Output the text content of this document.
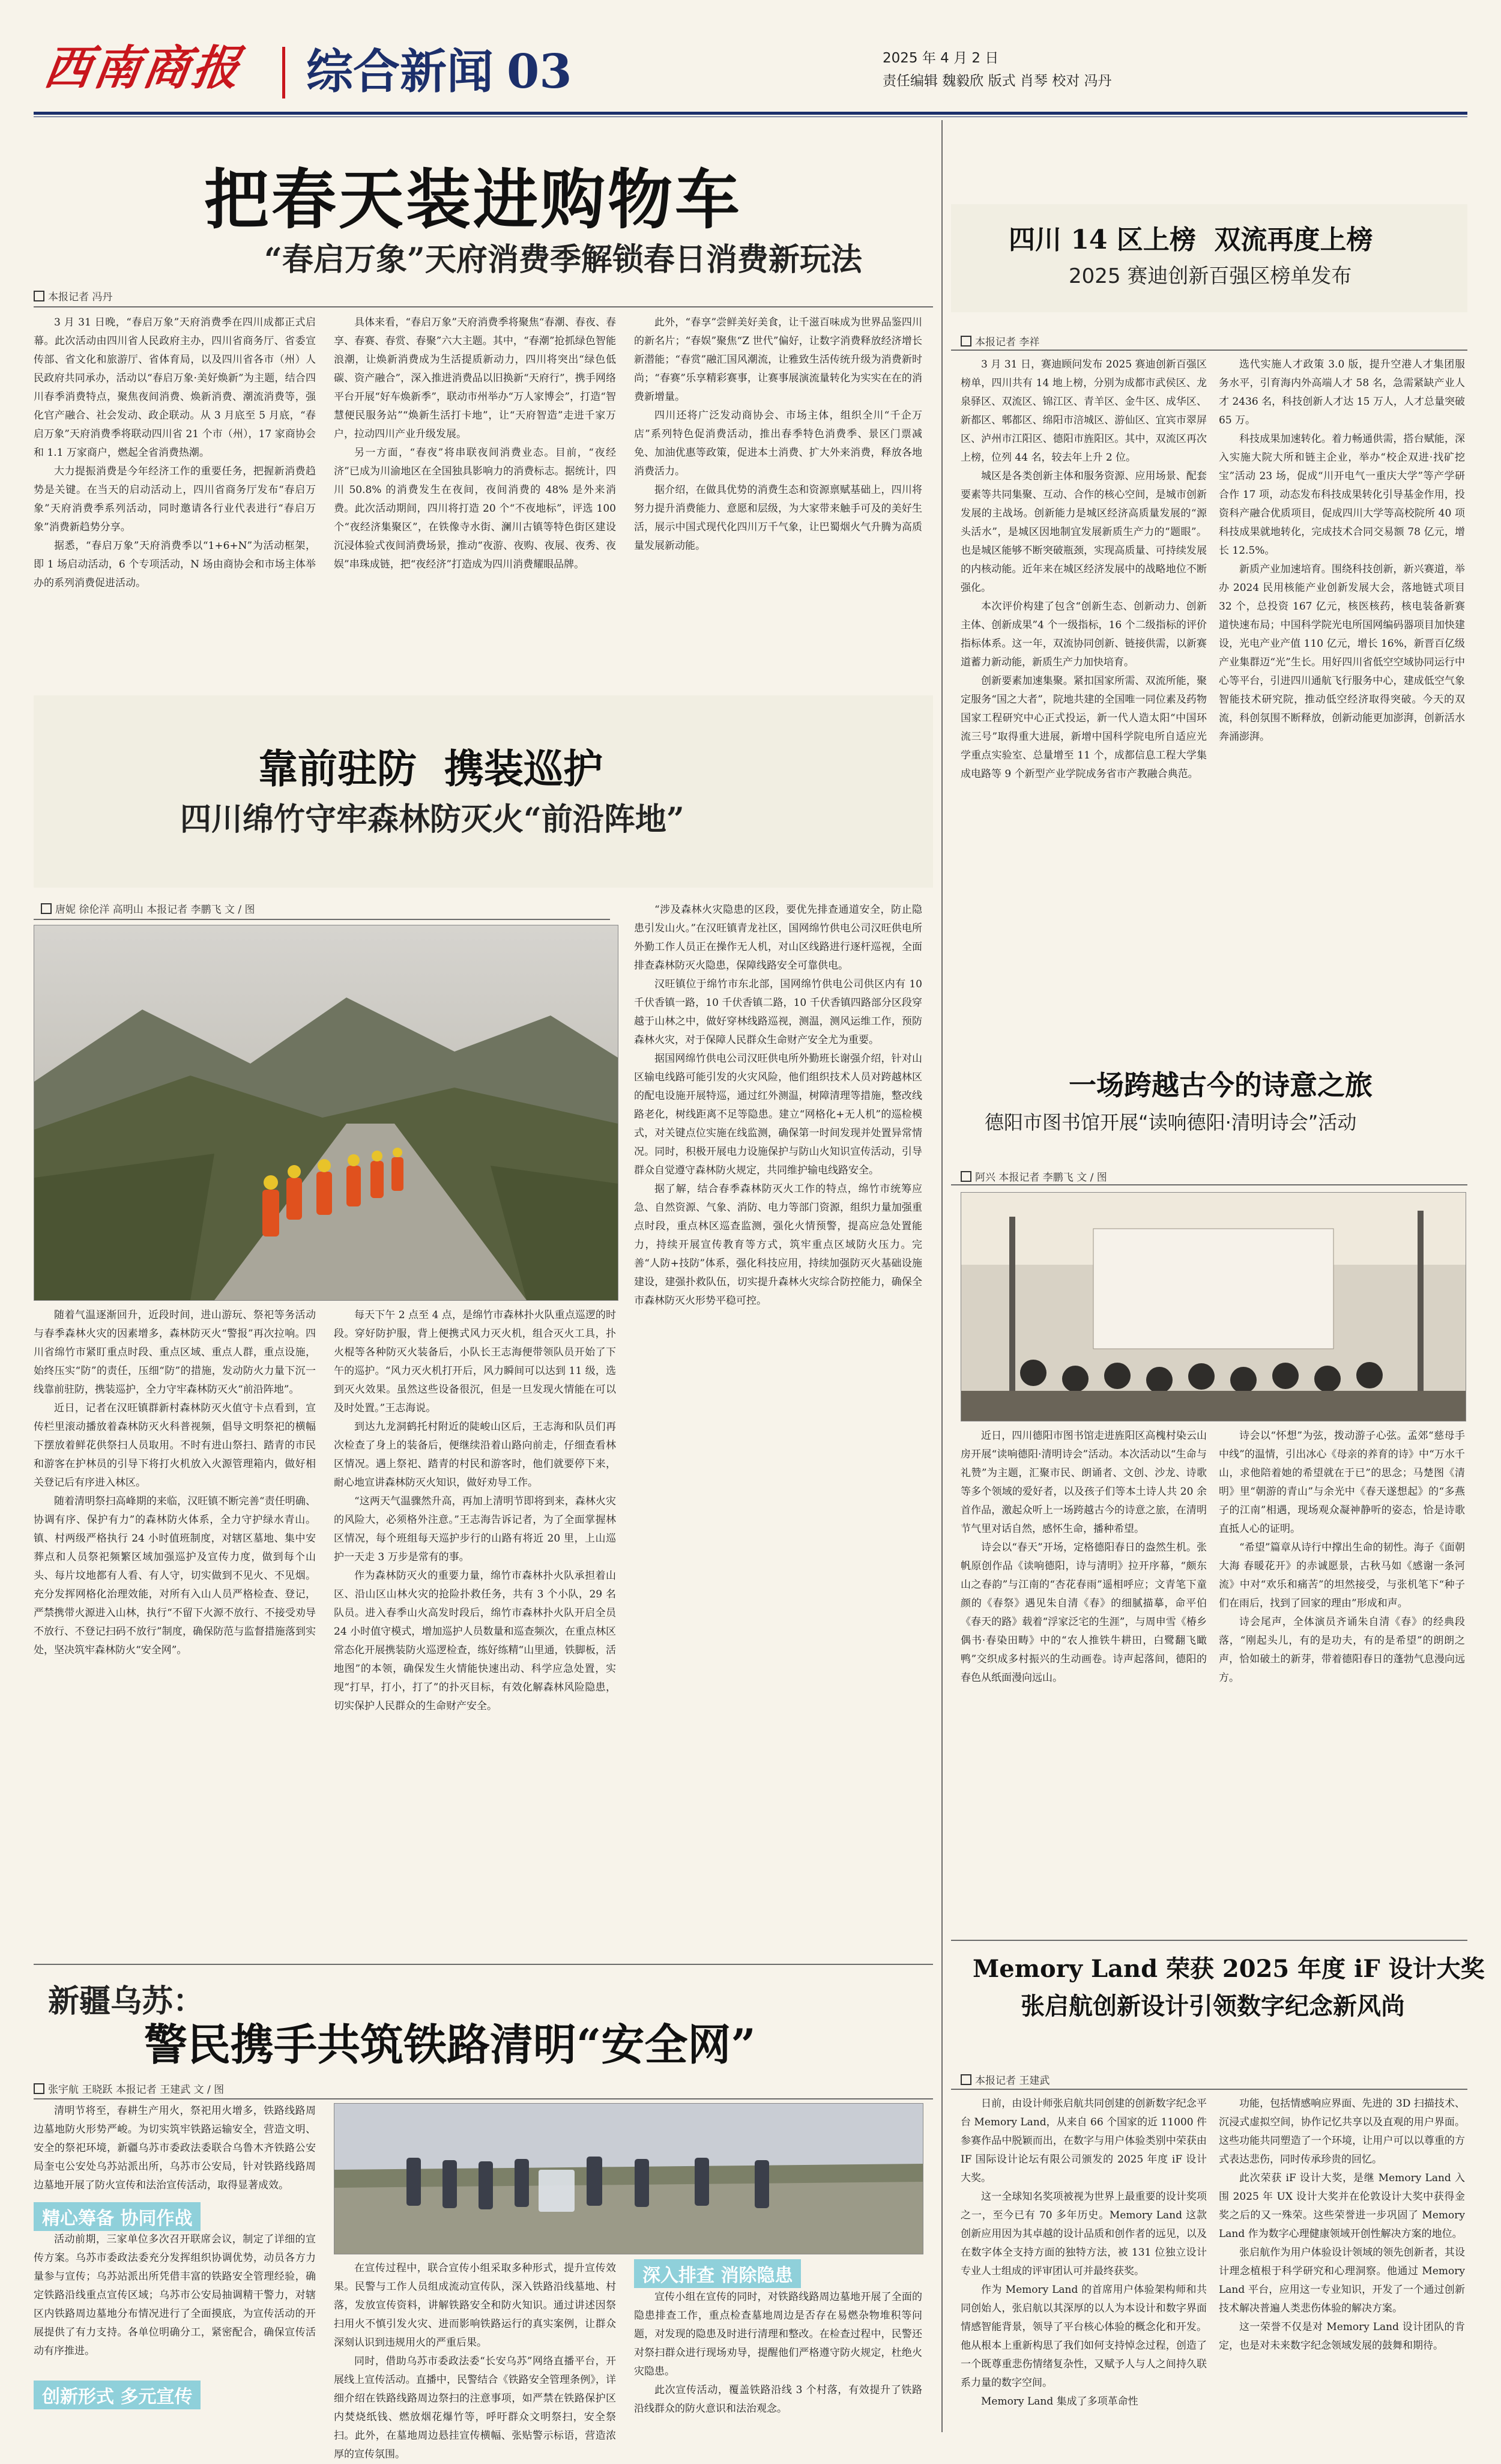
西南商报	综合新闻 03	2025 年 4 月 2 日
责任编辑 魏毅欣 版式 肖琴 校对 冯丹
把春天装进购物车
“春启万象”天府消费季解锁春日消费新玩法
本报记者 冯丹

3 月 31 日晚，“春启万象”天府消费季在四川成都正式启幕。此次活动由四川省人民政府主办，四川省商务厅、省委宣传部、省文化和旅游厅、省体育局，以及四川省各市（州）人民政府共同承办，活动以“春启万象·美好焕新”为主题，结合四川春季消费特点，聚焦夜间消费、焕新消费、潮流消费等，强化官产融合、社会发动、政企联动。从 3 月底至 5 月底，“春启万象”天府消费季将联动四川省 21 个市（州），17 家商协会和 1.1 万家商户，燃起全省消费热潮。

大力提振消费是今年经济工作的重要任务，把握新消费趋势是关键。在当天的启动活动上，四川省商务厅发布“春启万象”天府消费季系列活动，同时邀请各行业代表进行“春启万象”消费新趋势分享。

据悉，“春启万象”天府消费季以“1+6+N”为活动框架，即 1 场启动活动，6 个专项活动，N 场由商协会和市场主体举办的系列消费促进活动。

具体来看，“春启万象”天府消费季将聚焦“春潮、春夜、春享、春赛、春赏、春聚”六大主题。其中，“春潮”抢抓绿色智能浪潮，让焕新消费成为生活提质新动力，四川将突出“绿色低碳、资产融合”，深入推进消费品以旧换新“天府行”，携手网络平台开展“好车焕新季”，联动市州举办“万人家博会”，打造“智慧便民服务站”“焕新生活打卡地”，让“天府智造”走进千家万户，拉动四川产业升级发展。

另一方面，“春夜”将串联夜间消费业态。目前，“夜经济”已成为川渝地区在全国独具影响力的消费标志。据统计，四川 50.8% 的消费发生在夜间，夜间消费的 48% 是外来消费。此次活动期间，四川将打造 20 个“不夜地标”，评选 100 个“夜经济集聚区”，在铁像寺水街、澜川古镇等特色街区建设沉浸体验式夜间消费场景，推动“夜游、夜购、夜展、夜秀、夜娱”串珠成链，把“夜经济”打造成为四川消费耀眼品牌。

此外，“春享”尝鲜美好美食，让千滋百味成为世界品鉴四川的新名片；“春娱”聚焦“Z 世代”偏好，让数字消费释放经济增长新潜能；“春赏”融汇国风潮流，让雅致生活传统升级为消费新时尚；“春赛”乐享精彩赛事，让赛事展演流量转化为实实在在的消费新增量。

四川还将广泛发动商协会、市场主体，组织全川“千企万店”系列特色促消费活动，推出春季特色消费季、景区门票减免、加油优惠等政策，促进本土消费、扩大外来消费，释放各地消费活力。

据介绍，在做具优势的消费生态和资源禀赋基础上，四川将努力提升消费能力、意愿和层级，为大家带来触手可及的美好生活，展示中国式现代化四川万千气象，让巴蜀烟火气升腾为高质量发展新动能。

靠前驻防  携装巡护
四川绵竹守牢森林防灭火“前沿阵地”
唐妮 徐伦洋 高明山 本报记者 李鹏飞 文 / 图

随着气温逐渐回升，近段时间，进山游玩、祭祀等务活动与春季森林火灾的因素增多，森林防灭火“警报”再次拉响。四川省绵竹市紧盯重点时段、重点区域、重点人群，重点设施，始终压实“防”的责任，压细“防”的措施，发动防火力量下沉一线靠前驻防，携装巡护，全力守牢森林防灭火“前沿阵地”。

近日，记者在汉旺镇群新村森林防灭火值守卡点看到，宣传栏里滚动播放着森林防灭火科普视频，倡导文明祭祀的横幅下摆放着鲜花供祭扫人员取用。不时有进山祭扫、踏青的市民和游客在护林员的引导下将打火机放入火源管理箱内，做好相关登记后有序进入林区。

随着清明祭扫高峰期的来临，汉旺镇不断完善“责任明确、协调有序、保护有力”的森林防火体系，全力守护绿水青山。镇、村两级严格执行 24 小时值班制度，对辖区墓地、集中安葬点和人员祭祀频繁区域加强巡护及宣传力度，做到每个山头、每片坟地都有人看、有人守，切实做到不见火、不见烟。充分发挥网格化治理效能，对所有入山人员严格检查、登记，严禁携带火源进入山林，执行“不留下火源不放行、不接受劝导不放行、不登记扫码不放行”制度，确保防范与监督措施落到实处，坚决筑牢森林防火“安全网”。

每天下午 2 点至 4 点，是绵竹市森林扑火队重点巡逻的时段。穿好防护服，背上便携式风力灭火机，组合灭火工具，扑火棍等各种防灭火装备后，小队长王志海便带领队员开始了下午的巡护。“风力灭火机打开后，风力瞬间可以达到 11 级，选到灭火效果。虽然这些设备很沉，但是一旦发现火情能在可以及时处置。”王志海说。

到达九龙洞鹤托村附近的陡峻山区后，王志海和队员们再次检查了身上的装备后，便继续沿着山路向前走，仔细查看林区情况。遇上祭祀、踏青的村民和游客时，他们就要停下来，耐心地宣讲森林防灭火知识，做好劝导工作。

“这两天气温骤然升高，再加上清明节即将到来，森林火灾的风险大，必须格外注意。”王志海告诉记者，为了全面掌握林区情况，每个班组每天巡护步行的山路有将近 20 里，上山巡护一天走 3 万步是常有的事。

作为森林防灭火的重要力量，绵竹市森林扑火队承担着山区、沿山区山林火灾的抢险扑救任务，共有 3 个小队，29 名队员。进入春季山火高发时段后，绵竹市森林扑火队开启全员 24 小时值守模式，增加巡护人员数量和巡查频次，在重点林区常态化开展携装防火巡逻检查，练好练精“山里通，铁脚板，活地图”的本领，确保发生火情能快速出动、科学应急处置，实现“打早，打小，打了”的扑灭目标，有效化解森林风险隐患，切实保护人民群众的生命财产安全。

“涉及森林火灾隐患的区段，要优先排查通道安全，防止隐患引发山火。”在汉旺镇青龙社区，国网绵竹供电公司汉旺供电所外勤工作人员正在操作无人机，对山区线路进行逐杆巡视，全面排查森林防灭火隐患，保障线路安全可靠供电。

汉旺镇位于绵竹市东北部，国网绵竹供电公司供区内有 10 千伏香镇一路，10 千伏香镇二路，10 千伏香镇四路部分区段穿越于山林之中，做好穿林线路巡视，测温，测风运维工作，预防森林火灾，对于保障人民群众生命财产安全尤为重要。

据国网绵竹供电公司汉旺供电所外勤班长谢强介绍，针对山区输电线路可能引发的火灾风险，他们组织技术人员对跨越林区的配电设施开展特巡，通过红外测温，树障清理等措施，整改线路老化，树线距离不足等隐患。建立“网格化+无人机”的巡检模式，对关键点位实施在线监测，确保第一时间发现并处置异常情况。同时，积极开展电力设施保护与防山火知识宣传活动，引导群众自觉遵守森林防火规定，共同维护输电线路安全。

据了解，结合春季森林防灭火工作的特点，绵竹市统筹应急、自然资源、气象、消防、电力等部门资源，组织力量加强重点时段，重点林区巡查监测，强化火情预警，提高应急处置能力，持续开展宣传教育等方式，筑牢重点区域防火压力。完善“人防+技防”体系，强化科技应用，持续加强防灭火基础设施建设，建强扑救队伍，切实提升森林火灾综合防控能力，确保全市森林防灭火形势平稳可控。

新疆乌苏：
警民携手共筑铁路清明“安全网”
张宇航 王晓跃 本报记者 王建武 文 / 图

清明节将至，春耕生产用火，祭祀用火增多，铁路线路周边墓地防火形势严峻。为切实筑牢铁路运输安全，营造文明、安全的祭祀环境，新疆乌苏市委政法委联合乌鲁木齐铁路公安局奎屯公安处乌苏站派出所，乌苏市公安局，针对铁路线路周边墓地开展了防火宣传和法治宣传活动，取得显著成效。

精心筹备 协同作战

活动前期，三家单位多次召开联席会议，制定了详细的宣传方案。乌苏市委政法委充分发挥组织协调优势，动员各方力量参与宣传；乌苏站派出所凭借丰富的铁路安全管理经验，确定铁路沿线重点宣传区域；乌苏市公安局抽调精干警力，对辖区内铁路周边墓地分布情况进行了全面摸底，为宣传活动的开展提供了有力支持。各单位明确分工，紧密配合，确保宣传活动有序推进。

创新形式 多元宣传

在宣传过程中，联合宣传小组采取多种形式，提升宣传效果。民警与工作人员组成流动宣传队，深入铁路沿线墓地、村落，发放宣传资料，讲解铁路安全和防火知识。通过讲述因祭扫用火不慎引发火灾、进而影响铁路运行的真实案例，让群众深刻认识到违规用火的严重后果。

同时，借助乌苏市委政法委“长安乌苏”网络直播平台，开展线上宣传活动。直播中，民警结合《铁路安全管理条例》，详细介绍在铁路线路周边祭扫的注意事项，如严禁在铁路保护区内焚烧纸钱、燃放烟花爆竹等，呼吁群众文明祭扫，安全祭扫。此外，在墓地周边悬挂宣传横幅、张贴警示标语，营造浓厚的宣传氛围。

深入排查 消除隐患

宣传小组在宣传的同时，对铁路线路周边墓地开展了全面的隐患排查工作，重点检查墓地周边是否存在易燃杂物堆积等问题，对发现的隐患及时进行清理和整改。在检查过程中，民警还对祭扫群众进行现场劝导，提醒他们严格遵守防火规定，杜绝火灾隐患。

此次宣传活动，覆盖铁路沿线 3 个村落，有效提升了铁路沿线群众的防火意识和法治观念。

四川 14 区上榜  双流再度上榜
2025 赛迪创新百强区榜单发布
本报记者 李祥

3 月 31 日，赛迪顾问发布 2025 赛迪创新百强区榜单，四川共有 14 地上榜，分别为成都市武侯区、龙泉驿区、双流区、锦江区、青羊区、金牛区、成华区、新都区、郫都区、绵阳市涪城区、游仙区、宜宾市翠屏区、泸州市江阳区、德阳市旌阳区。其中，双流区再次上榜，位列 44 名，较去年上升 2 位。

城区是各类创新主体和服务资源、应用场景、配套要素等共同集聚、互动、合作的核心空间，是城市创新发展的主战场。创新能力是城区经济高质量发展的“源头活水”，是城区因地制宜发展新质生产力的“题眼”。也是城区能够不断突破瓶颈，实现高质量、可持续发展的内核动能。近年来在城区经济发展中的战略地位不断强化。

本次评价构建了包含“创新生态、创新动力、创新主体、创新成果”4 个一级指标，16 个二级指标的评价指标体系。这一年，双流协同创新、链接供需，以新赛道蓄力新动能，新质生产力加快培育。

创新要素加速集聚。紧扣国家所需、双流所能，聚定服务“国之大者”，院地共建的全国唯一同位素及药物国家工程研究中心正式投运，新一代人造太阳“中国环流三号”取得重大进展，新增中国科学院电所自适应光学重点实验室、总量增至 11 个，成都信息工程大学集成电路等 9 个新型产业学院成务省市产教融合典范。

选代实施人才政策 3.0 版，提升空港人才集团服务水平，引育海内外高端人才 58 名，急需紧缺产业人才 2436 名，科技创新人才达 15 万人，人才总量突破 65 万。

科技成果加速转化。着力畅通供需，搭台赋能，深入实施大院大所和链主企业，举办“校企双进·找矿挖宝”活动 23 场，促成“川开电气一重庆大学”等产学研合作 17 项，动态发布科技成果转化引导基金作用，投资科产融合优质项目，促成四川大学等高校院所 40 项科技成果就地转化，完成技术合同交易额 78 亿元，增长 12.5%。

新质产业加速培育。围绕科技创新，新兴赛道，举办 2024 民用核能产业创新发展大会，落地链式项目 32 个，总投资 167 亿元，核医核药，核电装备新赛道快速布局；中国科学院光电所国网编码器项目加快建设，光电产业产值 110 亿元，增长 16%，新晋百亿级产业集群迈“光”生长。用好四川省低空空域协同运行中心等平台，引进四川通航飞行服务中心，建成低空气象智能技术研究院，推动低空经济取得突破。今天的双流，科创氛围不断释放，创新动能更加澎湃，创新活水奔涌澎湃。

一场跨越古今的诗意之旅
德阳市图书馆开展“读响德阳·清明诗会”活动
阿兴 本报记者 李鹏飞 文 / 图

近日，四川德阳市图书馆走进旌阳区高槐村染云山房开展“读响德阳·清明诗会”活动。本次活动以“生命与礼赞”为主题，汇聚市民、朗诵者、文创、沙龙、诗歌等多个领域的爱好者，以及孩子们等本土诗人共 20 余首作品，激起众听上一场跨越古今的诗意之旅，在清明节气里对话自然，感怀生命，播种希望。

诗会以“春天”开场，定格德阳春日的盎然生机。张帆原创作品《读响德阳，诗与清明》拉开序幕，“颇东山之春韵”与江南的“杏花春雨”遥相呼应；文青笔下童颜的《春祭》遇见朱自清《春》的细腻描摹，命平伯《春天的路》载着“浮家泛宅的生涯”，与周申雪《椿乡偶书·春染田畴》中的“农人推铁牛耕田，白鹭翻飞瞰鸭”交织成多村振兴的生动画卷。诗声起落间，德阳的春色从纸面漫向远山。

诗会以“怀想”为弦，拨动游子心弦。孟郊“慈母手中线”的温情，引出冰心《母亲的养育的诗》中“万水千山，求他陪着她的希望就在于已”的思念；马楚图《清明》里“朝游的青山”与余光中《春天遂想起》的“多燕子的江南”相遇，现场观众凝神静听的姿态，恰是诗歌直抵人心的证明。

“希望”篇章从诗行中撑出生命的韧性。海子《面朝大海 春暖花开》的赤诚愿景，古秋马如《感谢一条河流》中对“欢乐和痛苦”的坦然接受，与张机笔下“种子们在雨后，找到了回家的理由”形成和声。

诗会尾声，全体演员齐诵朱自清《春》的经典段落，“刚起头儿，有的是功夫，有的是希望”的朗朗之声，恰如破土的新芽，带着德阳春日的蓬勃气息漫向远方。

Memory Land 荣获 2025 年度 iF 设计大奖
张启航创新设计引领数字纪念新风尚
本报记者 王建武

日前，由设计师张启航共同创建的创新数字纪念平台 Memory Land，从来自 66 个国家的近 11000 件参赛作品中脱颖而出，在数字与用户体验类别中荣获由 IF 国际设计论坛有限公司颁发的 2025 年度 iF 设计大奖。

这一全球知名奖项被视为世界上最重要的设计奖项之一，至今已有 70 多年历史。Memory Land 这款创新应用因为其卓越的设计品质和创作者的远见，以及在数字体全支持方面的独特方法，被 131 位独立设计专业人士组成的评审团认可并最终获奖。

作为 Memory Land 的首席用户体验架构师和共同创始人，张启航以其深厚的以人为本设计和数字界面情感智能背景，领导了平台核心体验的概念化和开发。他从根本上重新构思了我们如何支持悼念过程，创造了一个既尊重悲伤情绪复杂性，又赋予人与人之间持久联系力量的数字空间。

Memory Land 集成了多项革命性

功能，包括情感响应界面、先进的 3D 扫描技术、沉浸式虚拟空间，协作记忆共享以及直观的用户界面。这些功能共同塑造了一个环境，让用户可以以尊重的方式表达悲伤，同时传承珍贵的回忆。

此次荣获 iF 设计大奖，是继 Memory Land 入围 2025 年 UX 设计大奖并在伦敦设计大奖中获得金奖之后的又一殊荣。这些荣誉进一步巩固了 Memory Land 作为数字心理健康领域开创性解决方案的地位。

张启航作为用户体验设计领域的领先创新者，其设计理念植根于科学研究和心理洞察。他通过 Memory Land 平台，应用这一专业知识，开发了一个通过创新技术解决普遍人类悲伤体验的解决方案。

这一荣誉不仅是对 Memory Land 设计团队的肯定，也是对未来数字纪念领域发展的鼓舞和期待。
